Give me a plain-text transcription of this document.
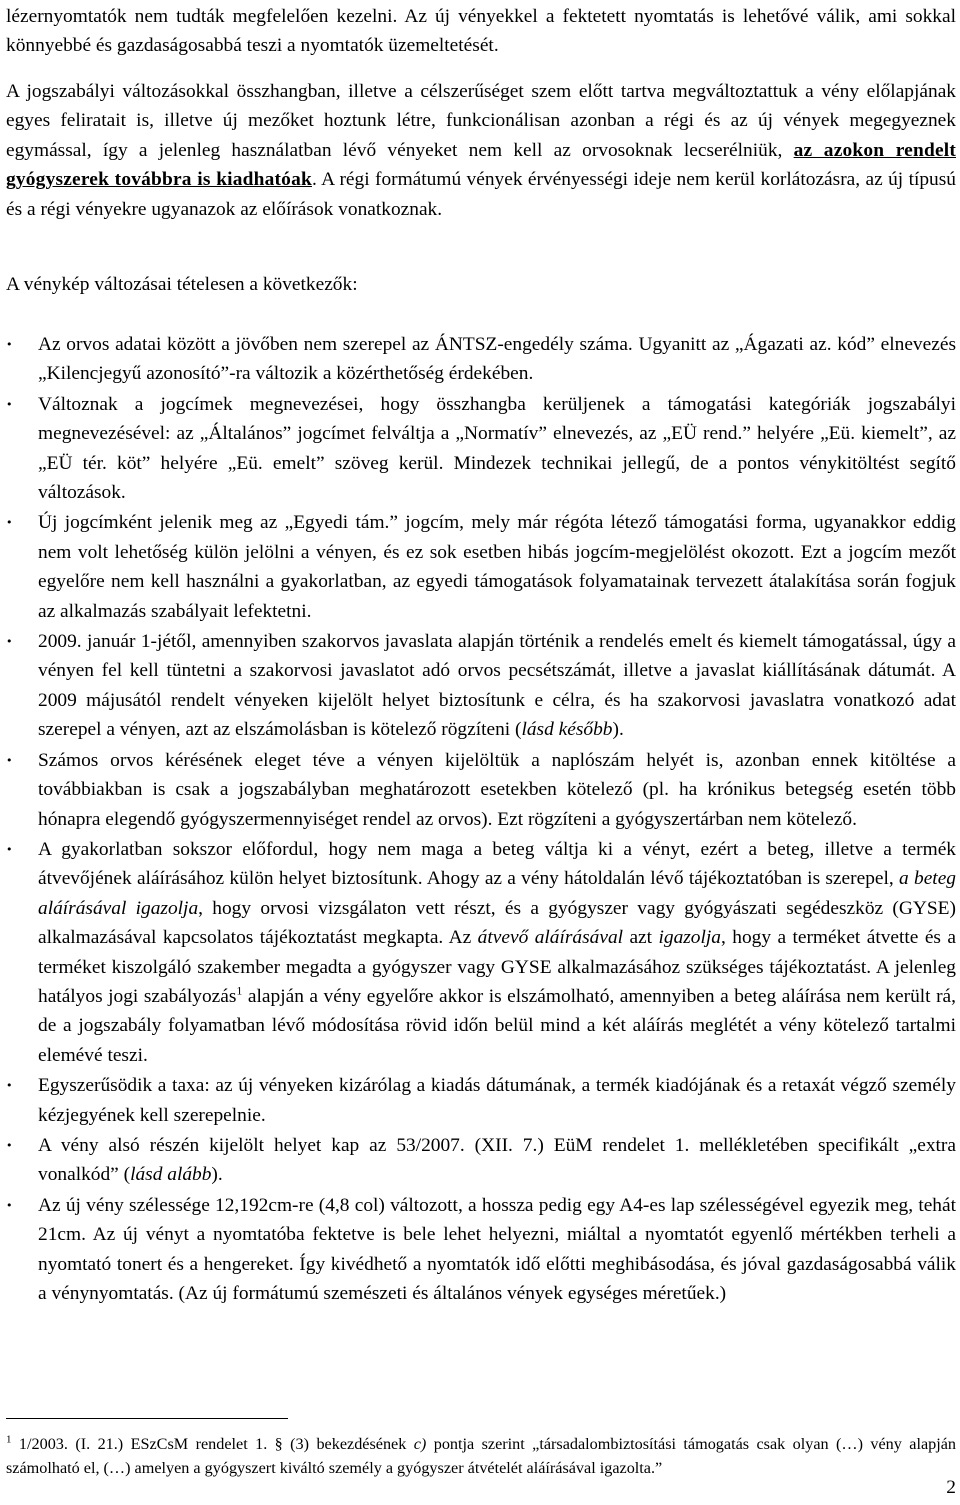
lézernyomtatók nem tudták megfelelően kezelni. Az új vényekkel a fektetett nyomtatás is lehetővé válik, ami sokkal könnyebbé és gazdaságosabbá teszi a nyomtatók üzemeltetését.

A jogszabályi változásokkal összhangban, illetve a célszerűséget szem előtt tartva megváltoztattuk a vény előlapjának egyes feliratait is, illetve új mezőket hoztunk létre, funkcionálisan azonban a régi és az új vények megegyeznek egymással, így a jelenleg használatban lévő vényeket nem kell az orvosoknak lecserélniük, az azokon rendelt gyógyszerek továbbra is kiadhatóak. A régi formátumú vények érvényességi ideje nem kerül korlátozásra, az új típusú és a régi vényekre ugyanazok az előírások vonatkoznak.

A vénykép változásai tételesen a következők:

•	Az orvos adatai között a jövőben nem szerepel az ÁNTSZ-engedély száma. Ugyanitt az „Ágazati az. kód” elnevezés „Kilencjegyű azonosító”-ra változik a közérthetőség érdekében.
•	Változnak a jogcímek megnevezései, hogy összhangba kerüljenek a támogatási kategóriák jogszabályi megnevezésével: az „Általános” jogcímet felváltja a „Normatív” elnevezés, az „EÜ rend.” helyére „Eü. kiemelt”, az „EÜ tér. köt” helyére „Eü. emelt” szöveg kerül. Mindezek technikai jellegű, de a pontos vénykitöltést segítő változások.
•	Új jogcímként jelenik meg az „Egyedi tám.” jogcím, mely már régóta létező támogatási forma, ugyanakkor eddig nem volt lehetőség külön jelölni a vényen, és ez sok esetben hibás jogcím-megjelölést okozott. Ezt a jogcím mezőt egyelőre nem kell használni a gyakorlatban, az egyedi támogatások folyamatainak tervezett átalakítása során fogjuk az alkalmazás szabályait lefektetni.
•	2009. január 1-jétől, amennyiben szakorvos javaslata alapján történik a rendelés emelt és kiemelt támogatással, úgy a vényen fel kell tüntetni a szakorvosi javaslatot adó orvos pecsétszámát, illetve a javaslat kiállításának dátumát. A 2009 májusától rendelt vényeken kijelölt helyet biztosítunk e célra, és ha szakorvosi javaslatra vonatkozó adat szerepel a vényen, azt az elszámolásban is kötelező rögzíteni (lásd később).
•	Számos orvos kérésének eleget téve a vényen kijelöltük a naplószám helyét is, azonban ennek kitöltése a továbbiakban is csak a jogszabályban meghatározott esetekben kötelező (pl. ha krónikus betegség esetén több hónapra elegendő gyógyszermennyiséget rendel az orvos). Ezt rögzíteni a gyógyszertárban nem kötelező.
•	A gyakorlatban sokszor előfordul, hogy nem maga a beteg váltja ki a vényt, ezért a beteg, illetve a termék átvevőjének aláírásához külön helyet biztosítunk. Ahogy az a vény hátoldalán lévő tájékoztatóban is szerepel, a beteg aláírásával igazolja, hogy orvosi vizsgálaton vett részt, és a gyógyszer vagy gyógyászati segédeszköz (GYSE) alkalmazásával kapcsolatos tájékoztatást megkapta. Az átvevő aláírásával azt igazolja, hogy a terméket átvette és a terméket kiszolgáló szakember megadta a gyógyszer vagy GYSE alkalmazásához szükséges tájékoztatást. A jelenleg hatályos jogi szabályozás$^1$ alapján a vény egyelőre akkor is elszámolható, amennyiben a beteg aláírása nem került rá, de a jogszabály folyamatban lévő módosítása rövid időn belül mind a két aláírás meglétét a vény kötelező tartalmi elemévé teszi.
•	Egyszerűsödik a taxa: az új vényeken kizárólag a kiadás dátumának, a termék kiadójának és a retaxát végző személy kézjegyének kell szerepelnie.
•	A vény alsó részén kijelölt helyet kap az 53/2007. (XII. 7.) EüM rendelet 1. mellékletében specifikált „extra vonalkód” (lásd alább).
•	Az új vény szélessége 12,192cm-re (4,8 col) változott, a hossza pedig egy A4-es lap szélességével egyezik meg, tehát 21cm. Az új vényt a nyomtatóba fektetve is bele lehet helyezni, miáltal a nyomtatót egyenlő mértékben terheli a nyomtató tonert és a hengereket. Így kivédhető a nyomtatók idő előtti meghibásodása, és jóval gazdaságosabbá válik a vénynyomtatás. (Az új formátumú szemészeti és általános vények egységes méretűek.)

$^1$ 1/2003. (I. 21.) ESzCsM rendelet 1. § (3) bekezdésének c) pontja szerint „társadalombiztosítási támogatás csak olyan (…) vény alapján számolható el, (…) amelyen a gyógyszert kiváltó személy a gyógyszer átvételét aláírásával igazolta.”

2
